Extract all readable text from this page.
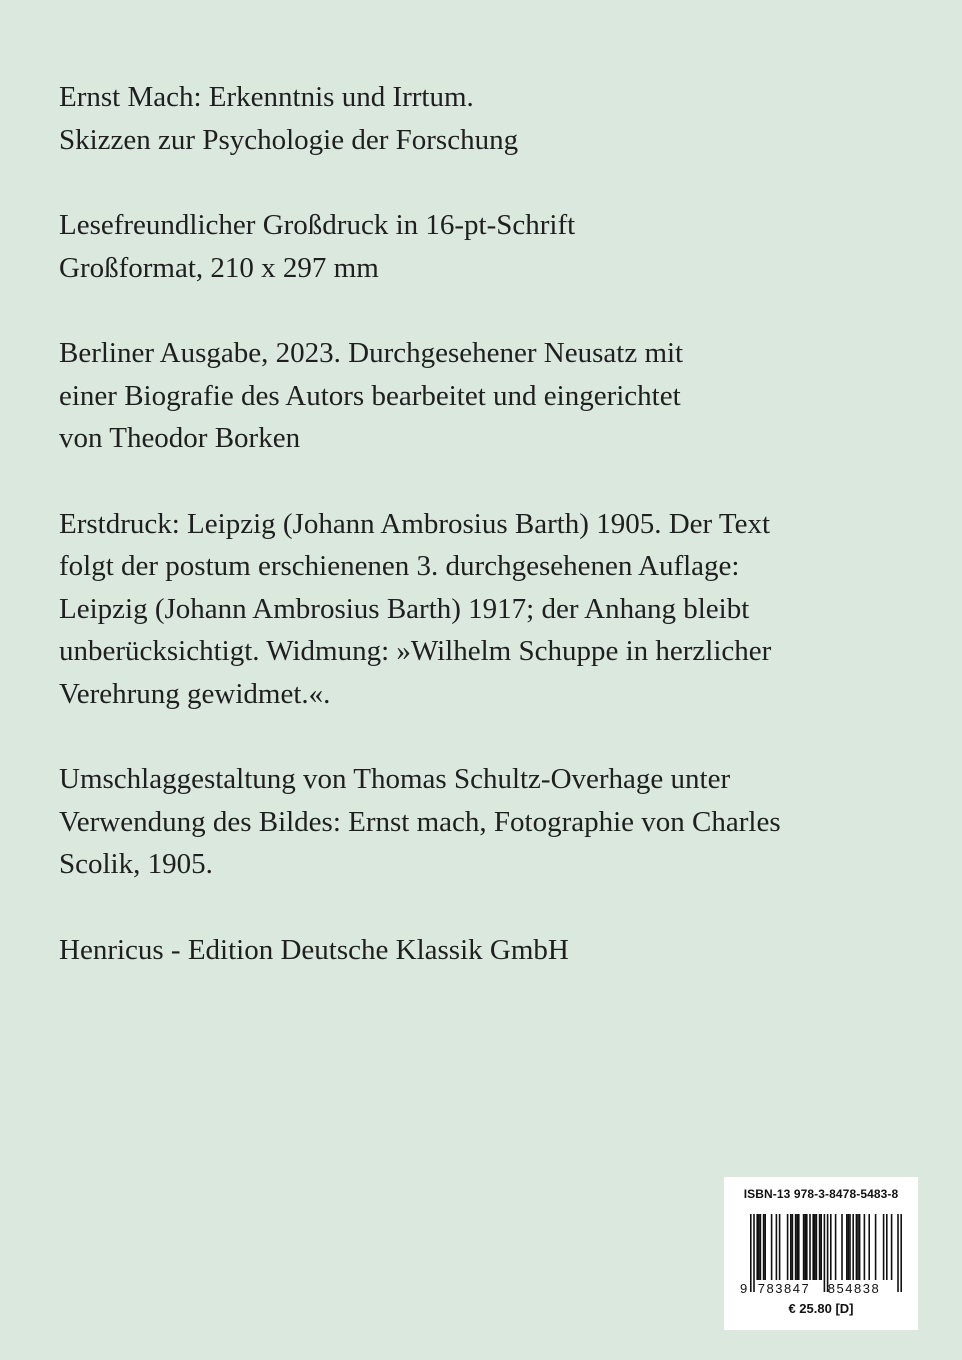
Ernst Mach: Erkenntnis und Irrtum.
Skizzen zur Psychologie der Forschung

Lesefreundlicher Großdruck in 16-pt-Schrift
Großformat, 210 x 297 mm

Berliner Ausgabe, 2023. Durchgesehener Neusatz mit
einer Biografie des Autors bearbeitet und eingerichtet
von Theodor Borken

Erstdruck: Leipzig (Johann Ambrosius Barth) 1905. Der Text
folgt der postum erschienenen 3. durchgesehenen Auflage:
Leipzig (Johann Ambrosius Barth) 1917; der Anhang bleibt
unberücksichtigt. Widmung: »Wilhelm Schuppe in herzlicher
Verehrung gewidmet.«.

Umschlaggestaltung von Thomas Schultz-Overhage unter
Verwendung des Bildes: Ernst mach, Fotographie von Charles
Scolik, 1905.

Henricus - Edition Deutsche Klassik GmbH

ISBN-13 978-3-8478-5483-8
9 783847 854838
€ 25.80 [D]
